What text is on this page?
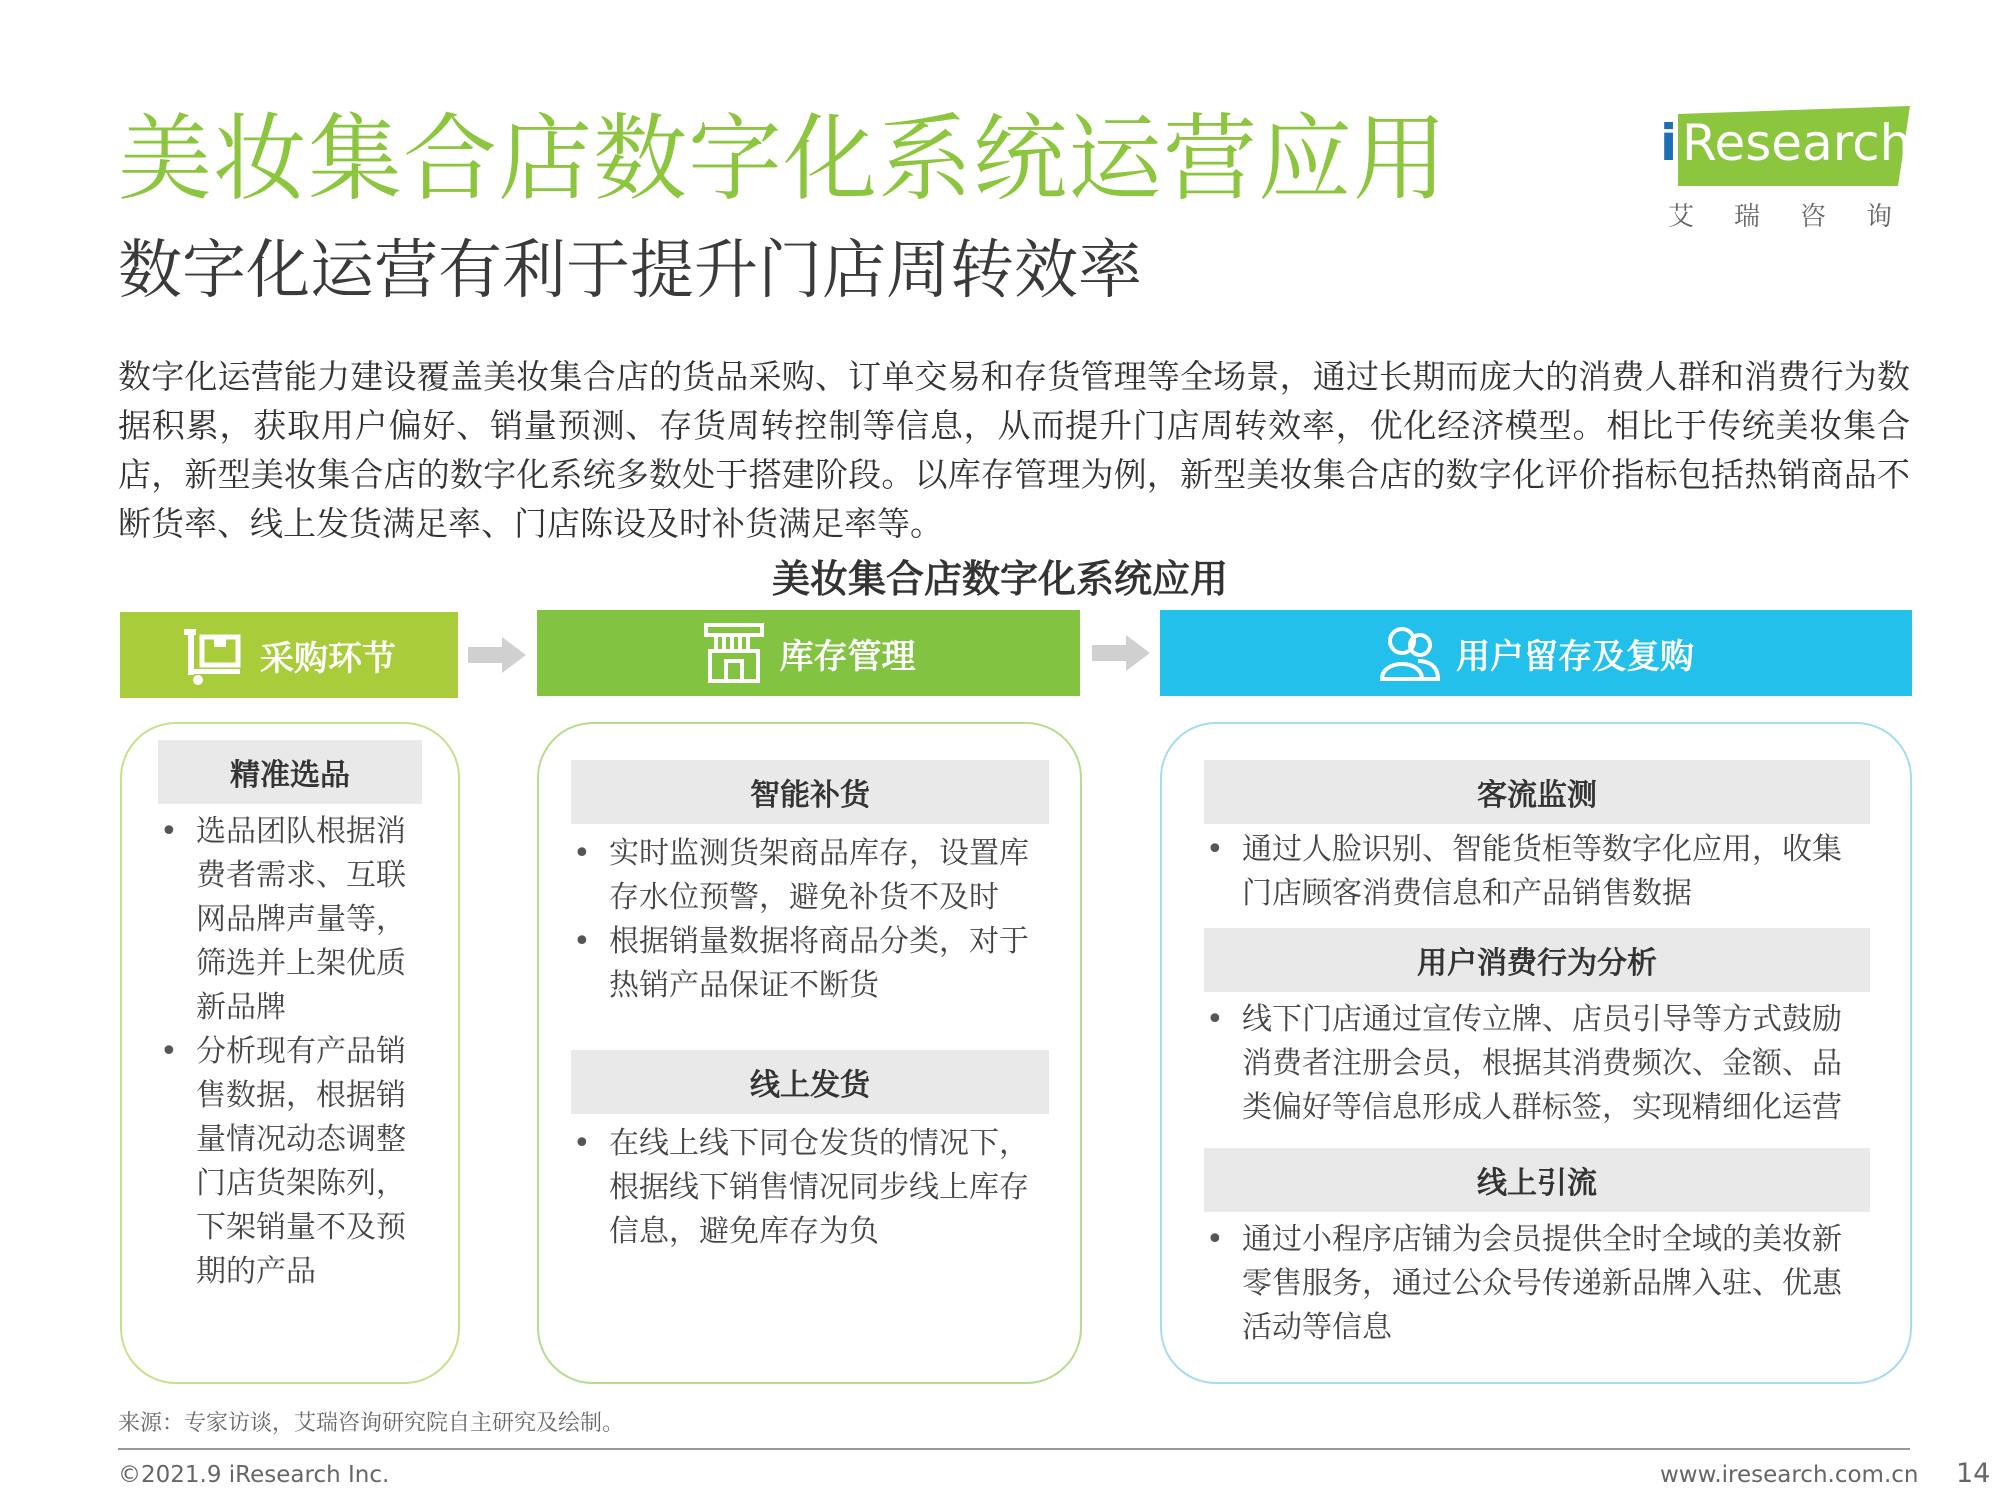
美妆集合店数字化系统运营应用
数字化运营有利于提升门店周转效率
i Research
艾瑞咨询
数字化运营能力建设覆盖美妆集合店的货品采购、订单交易和存货管理等全场景，通过长期而庞大的消费人群和消费行为数据积累，获取用户偏好、销量预测、存货周转控制等信息，从而提升门店周转效率，优化经济模型。相比于传统美妆集合店，新型美妆集合店的数字化系统多数处于搭建阶段。以库存管理为例，新型美妆集合店的数字化评价指标包括热销商品不断货率、线上发货满足率、门店陈设及时补货满足率等。
美妆集合店数字化系统应用
采购环节	库存管理	用户留存及复购
精准选品
• 选品团队根据消费者需求、互联网品牌声量等，筛选并上架优质新品牌
• 分析现有产品销售数据，根据销量情况动态调整门店货架陈列，下架销量不及预期的产品
智能补货
• 实时监测货架商品库存，设置库存水位预警，避免补货不及时
• 根据销量数据将商品分类，对于热销产品保证不断货
线上发货
• 在线上线下同仓发货的情况下，根据线下销售情况同步线上库存信息，避免库存为负
客流监测
• 通过人脸识别、智能货柜等数字化应用，收集门店顾客消费信息和产品销售数据
用户消费行为分析
• 线下门店通过宣传立牌、店员引导等方式鼓励消费者注册会员，根据其消费频次、金额、品类偏好等信息形成人群标签，实现精细化运营
线上引流
• 通过小程序店铺为会员提供全时全域的美妆新零售服务，通过公众号传递新品牌入驻、优惠活动等信息
来源：专家访谈，艾瑞咨询研究院自主研究及绘制。
©2021.9 iResearch Inc.	www.iresearch.com.cn 14
